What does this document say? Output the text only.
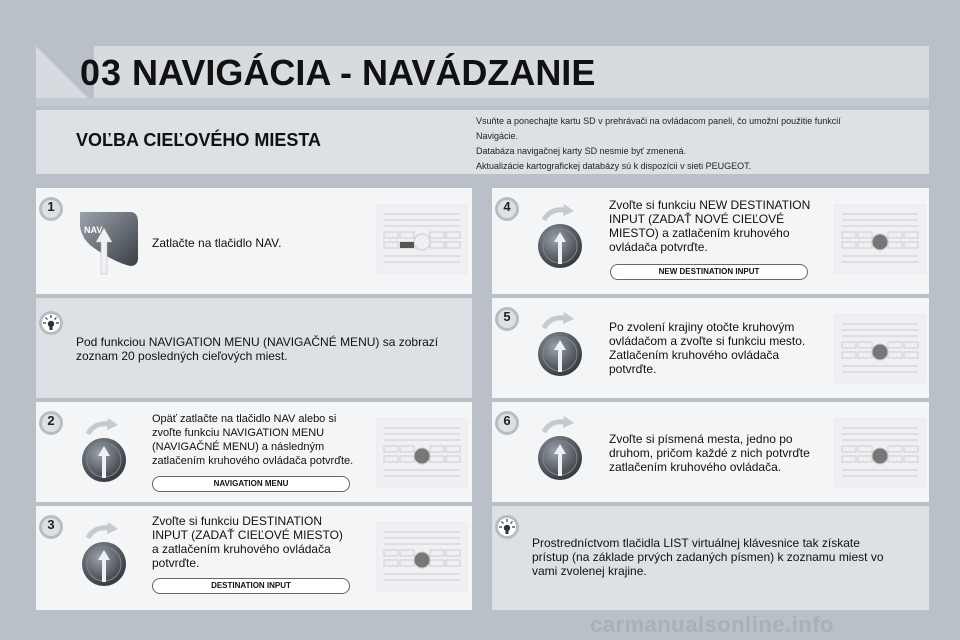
03 NAVIGÁCIA - NAVÁDZANIE
VOĽBA CIEĽOVÉHO MIESTA
Vsuňte a ponechajte kartu SD v prehrávači na ovládacom paneli, čo umožní použitie funkcií
Navigácie.
Databáza navigačnej karty SD nesmie byť zmenená.
Aktualizácie kartografickej databázy sú k dispozícii v sieti PEUGEOT.
1
NAV
Zatlačte na tlačidlo NAV.
Pod funkciou NAVIGATION MENU (NAVIGAČNÉ MENU) sa zobrazí
zoznam 20 posledných cieľových miest.
2	Opäť zatlačte na tlačidlo NAV alebo si
zvoľte funkciu NAVIGATION MENU
(NAVIGAČNÉ MENU) a následným
zatlačením kruhového ovládača potvrďte.
NAVIGATION MENU
3	Zvoľte si funkciu DESTINATION
INPUT (ZADAŤ CIEĽOVÉ MIESTO)
a zatlačením kruhového ovládača
potvrďte.
DESTINATION INPUT
4	Zvoľte si funkciu NEW DESTINATION
INPUT (ZADAŤ NOVÉ CIEĽOVÉ
MIESTO) a zatlačením kruhového
ovládača potvrďte.
NEW DESTINATION INPUT
5
Po zvolení krajiny otočte kruhovým
ovládačom a zvoľte si funkciu mesto.
Zatlačením kruhového ovládača
potvrďte.
6
Zvoľte si písmená mesta, jedno po
druhom, pričom každé z nich potvrďte
zatlačením kruhového ovládača.
Prostredníctvom tlačidla LIST virtuálnej klávesnice tak získate
prístup (na základe prvých zadaných písmen) k zoznamu miest vo
vami zvolenej krajine.
carmanualsonline.info
